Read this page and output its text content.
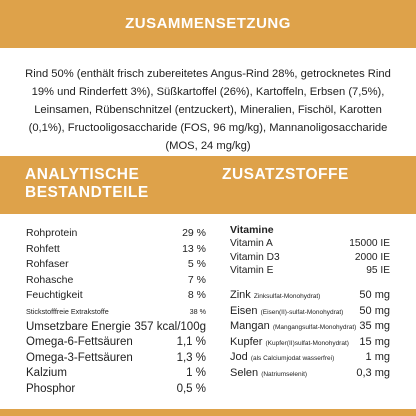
ZUSAMMENSETZUNG
Rind 50% (enthält frisch zubereitetes Angus-Rind 28%, getrocknetes Rind 19% und Rinderfett 3%), Süßkartoffel (26%), Kartoffeln, Erbsen (7,5%), Leinsamen, Rübenschnitzel (entzuckert), Mineralien, Fischöl, Karotten (0,1%), Fructooligosaccharide (FOS, 96 mg/kg), Mannanoligosaccharide (MOS, 24 mg/kg)
ANALYTISCHE
BESTANDTEILE
ZUSATZSTOFFE
Rohprotein	29 %
Rohfett	13 %
Rohfaser	5 %
Rohasche	7 %
Feuchtigkeit	8 %
Stickstofffreie Extrakstoffe	38 %
Umsetzbare Energie 357 kcal/100g
Omega-6-Fettsäuren	1,1 %
Omega-3-Fettsäuren	1,3 %
Kalzium	1 %
Phosphor	0,5 %
Vitamine
Vitamin A	15000 IE
Vitamin D3	2000 IE
Vitamin E	95 IE
Zink Zinksulfat-Monohydrat)	50 mg
Eisen (Eisen(II)-sulfat-Monohydrat) 50 mg
Mangan (Mangangsulfat-Monohydrat) 35 mg
Kupfer (Kupfer(II)sulfat-Monohydrat) 15 mg
Jod (als Calciumjodat wasserfrei)	1 mg
Selen (Natriumselenit)	0,3 mg
